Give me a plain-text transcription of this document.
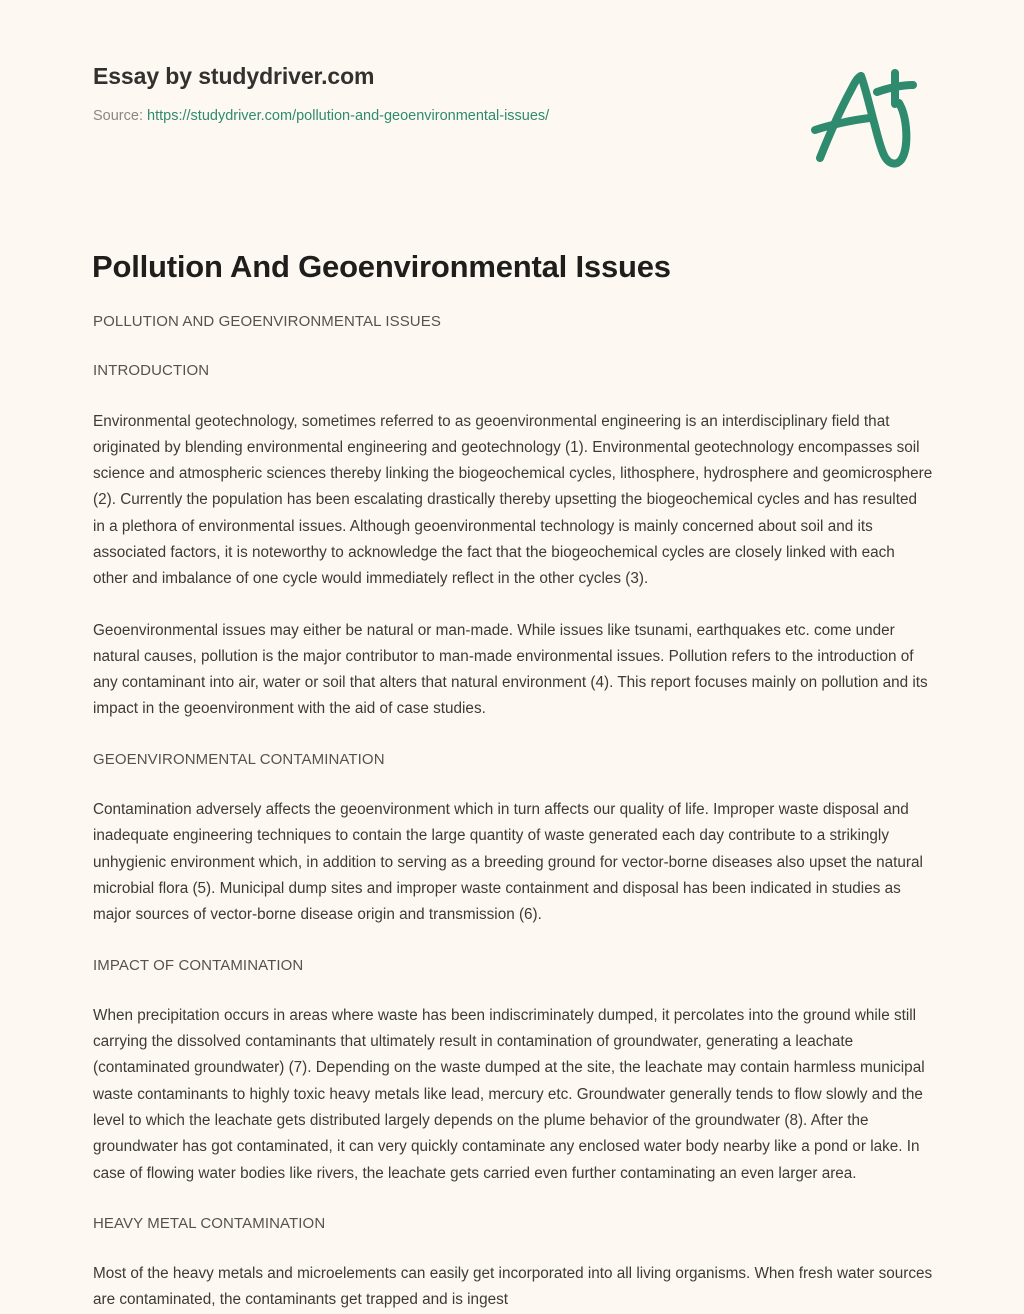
Essay by studydriver.com
Source: https://studydriver.com/pollution-and-geoenvironmental-issues/
Pollution And Geoenvironmental Issues
POLLUTION AND GEOENVIRONMENTAL ISSUES
INTRODUCTION
Environmental geotechnology, sometimes referred to as geoenvironmental engineering is an interdisciplinary field that originated by blending environmental engineering and geotechnology (1). Environmental geotechnology encompasses soil science and atmospheric sciences thereby linking the biogeochemical cycles, lithosphere, hydrosphere and geomicrosphere (2). Currently the population has been escalating drastically thereby upsetting the biogeochemical cycles and has resulted in a plethora of environmental issues. Although geoenvironmental technology is mainly concerned about soil and its associated factors, it is noteworthy to acknowledge the fact that the biogeochemical cycles are closely linked with each other and imbalance of one cycle would immediately reflect in the other cycles (3).
Geoenvironmental issues may either be natural or man-made. While issues like tsunami, earthquakes etc. come under natural causes, pollution is the major contributor to man-made environmental issues. Pollution refers to the introduction of any contaminant into air, water or soil that alters that natural environment (4). This report focuses mainly on pollution and its impact in the geoenvironment with the aid of case studies.
GEOENVIRONMENTAL CONTAMINATION
Contamination adversely affects the geoenvironment which in turn affects our quality of life. Improper waste disposal and inadequate engineering techniques to contain the large quantity of waste generated each day contribute to a strikingly unhygienic environment which, in addition to serving as a breeding ground for vector-borne diseases also upset the natural microbial flora (5). Municipal dump sites and improper waste containment and disposal has been indicated in studies as major sources of vector-borne disease origin and transmission (6).
IMPACT OF CONTAMINATION
When precipitation occurs in areas where waste has been indiscriminately dumped, it percolates into the ground while still carrying the dissolved contaminants that ultimately result in contamination of groundwater, generating a leachate (contaminated groundwater) (7). Depending on the waste dumped at the site, the leachate may contain harmless municipal waste contaminants to highly toxic heavy metals like lead, mercury etc. Groundwater generally tends to flow slowly and the level to which the leachate gets distributed largely depends on the plume behavior of the groundwater (8). After the groundwater has got contaminated, it can very quickly contaminate any enclosed water body nearby like a pond or lake. In case of flowing water bodies like rivers, the leachate gets carried even further contaminating an even larger area.
HEAVY METAL CONTAMINATION
Most of the heavy metals and microelements can easily get incorporated into all living organisms. When fresh water sources are contaminated, the contaminants get trapped and is ingest
